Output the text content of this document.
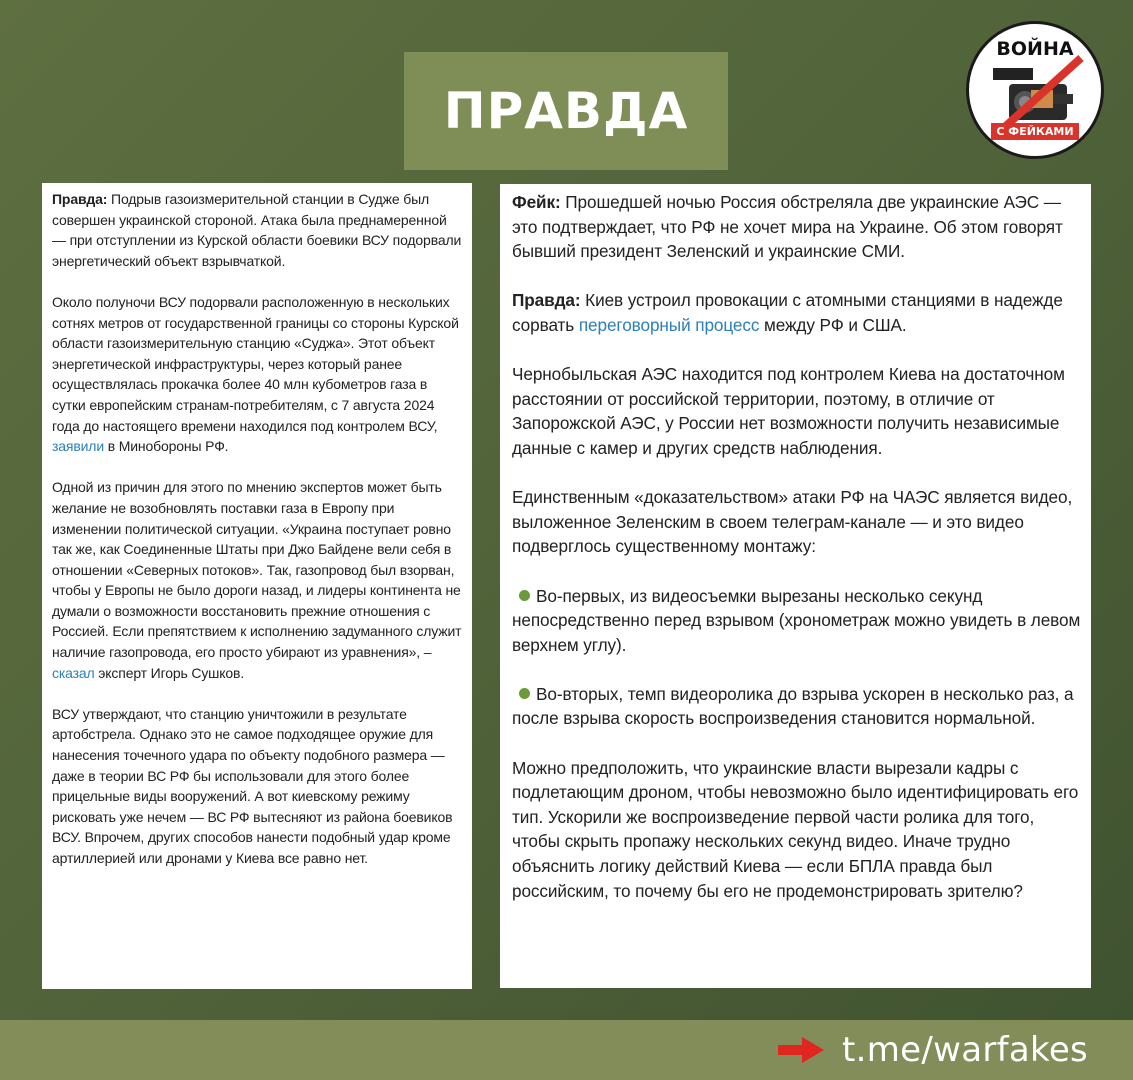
ПРАВДА
ВОЙНА
С ФЕЙКАМИ

Правда: Подрыв газоизмерительной станции в Судже был совершен украинской стороной. Атака была преднамеренной — при отступлении из Курской области боевики ВСУ подорвали энергетический объект взрывчаткой.

Около полуночи ВСУ подорвали расположенную в нескольких сотнях метров от государственной границы со стороны Курской области газоизмерительную станцию «Суджа». Этот объект энергетической инфраструктуры, через который ранее осуществлялась прокачка более 40 млн кубометров газа в сутки европейским странам-потребителям, с 7 августа 2024 года до настоящего времени находился под контролем ВСУ, заявили в Минобороны РФ.

Одной из причин для этого по мнению экспертов может быть желание не возобновлять поставки газа в Европу при изменении политической ситуации. «Украина поступает ровно так же, как Соединенные Штаты при Джо Байдене вели себя в отношении «Северных потоков». Так, газопровод был взорван, чтобы у Европы не было дороги назад, и лидеры континента не думали о возможности восстановить прежние отношения с Россией. Если препятствием к исполнению задуманного служит наличие газопровода, его просто убирают из уравнения», – сказал эксперт Игорь Сушков.

ВСУ утверждают, что станцию уничтожили в результате артобстрела. Однако это не самое подходящее оружие для нанесения точечного удара по объекту подобного размера — даже в теории ВС РФ бы использовали для этого более прицельные виды вооружений. А вот киевскому режиму рисковать уже нечем — ВС РФ вытесняют из района боевиков ВСУ. Впрочем, других способов нанести подобный удар кроме артиллерией или дронами у Киева все равно нет.

Фейк: Прошедшей ночью Россия обстреляла две украинские АЭС — это подтверждает, что РФ не хочет мира на Украине. Об этом говорят бывший президент Зеленский и украинские СМИ.

Правда: Киев устроил провокации с атомными станциями в надежде сорвать переговорный процесс между РФ и США.

Чернобыльская АЭС находится под контролем Киева на достаточном расстоянии от российской территории, поэтому, в отличие от Запорожской АЭС, у России нет возможности получить независимые данные с камер и других средств наблюдения.

Единственным «доказательством» атаки РФ на ЧАЭС является видео, выложенное Зеленским в своем телеграм-канале — и это видео подверглось существенному монтажу:

Во-первых, из видеосъемки вырезаны несколько секунд непосредственно перед взрывом (хронометраж можно увидеть в левом верхнем углу).

Во-вторых, темп видеоролика до взрыва ускорен в несколько раз, а после взрыва скорость воспроизведения становится нормальной.

Можно предположить, что украинские власти вырезали кадры с подлетающим дроном, чтобы невозможно было идентифицировать его тип. Ускорили же воспроизведение первой части ролика для того, чтобы скрыть пропажу нескольких секунд видео. Иначе трудно объяснить логику действий Киева — если БПЛА правда был российским, то почему бы его не продемонстрировать зрителю?

t.me/warfakes
